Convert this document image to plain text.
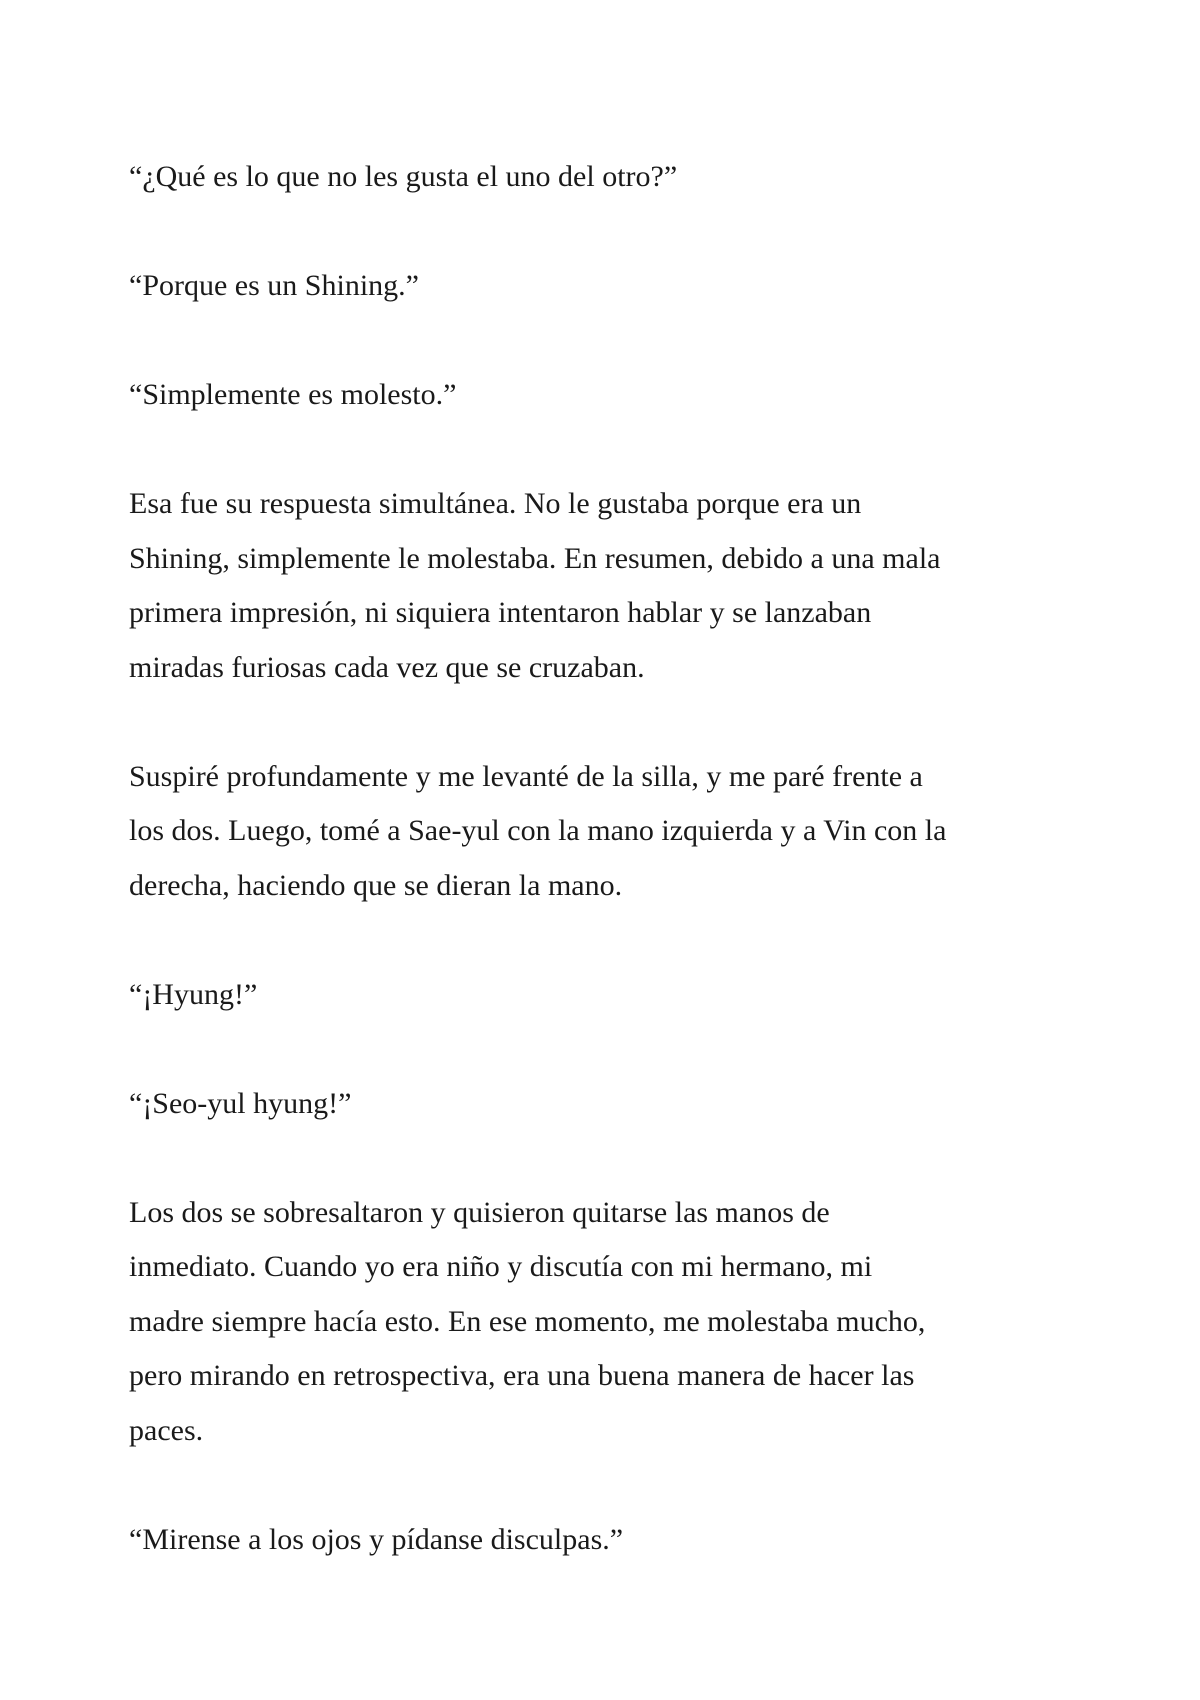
“¿Qué es lo que no les gusta el uno del otro?”

“Porque es un Shining.”

“Simplemente es molesto.”

Esa fue su respuesta simultánea. No le gustaba porque era un
Shining, simplemente le molestaba. En resumen, debido a una mala
primera impresión, ni siquiera intentaron hablar y se lanzaban
miradas furiosas cada vez que se cruzaban.

Suspiré profundamente y me levanté de la silla, y me paré frente a
los dos. Luego, tomé a Sae-yul con la mano izquierda y a Vin con la
derecha, haciendo que se dieran la mano.

“¡Hyung!”

“¡Seo-yul hyung!”

Los dos se sobresaltaron y quisieron quitarse las manos de
inmediato. Cuando yo era niño y discutía con mi hermano, mi
madre siempre hacía esto. En ese momento, me molestaba mucho,
pero mirando en retrospectiva, era una buena manera de hacer las
paces.

“Mirense a los ojos y pídanse disculpas.”
